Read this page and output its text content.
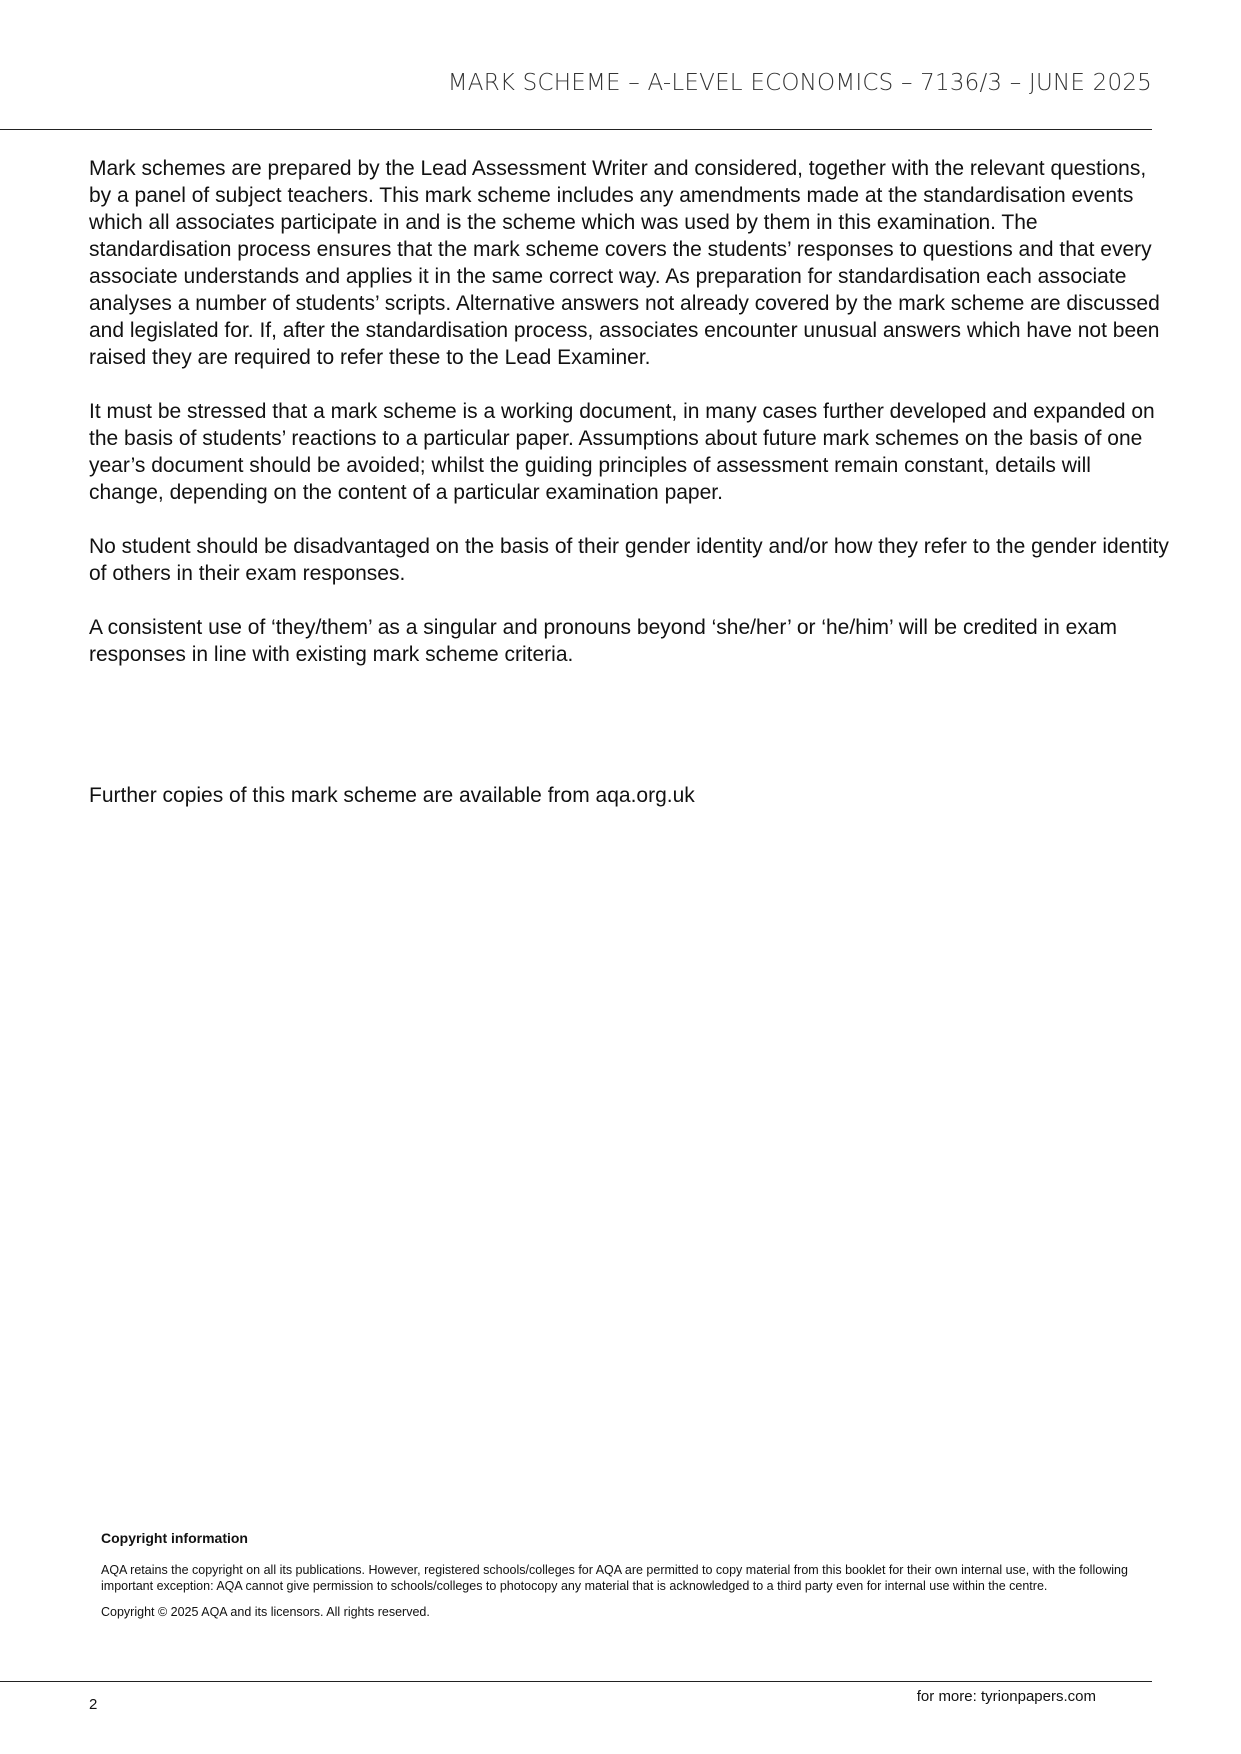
MARK SCHEME – A-LEVEL ECONOMICS – 7136/3 – JUNE 2025

Mark schemes are prepared by the Lead Assessment Writer and considered, together with the relevant questions, by a panel of subject teachers. This mark scheme includes any amendments made at the standardisation events which all associates participate in and is the scheme which was used by them in this examination. The standardisation process ensures that the mark scheme covers the students’ responses to questions and that every associate understands and applies it in the same correct way. As preparation for standardisation each associate analyses a number of students’ scripts. Alternative answers not already covered by the mark scheme are discussed and legislated for. If, after the standardisation process, associates encounter unusual answers which have not been raised they are required to refer these to the Lead Examiner.

It must be stressed that a mark scheme is a working document, in many cases further developed and expanded on the basis of students’ reactions to a particular paper. Assumptions about future mark schemes on the basis of one year’s document should be avoided; whilst the guiding principles of assessment remain constant, details will change, depending on the content of a particular examination paper.

No student should be disadvantaged on the basis of their gender identity and/or how they refer to the gender identity of others in their exam responses.

A consistent use of ‘they/them’ as a singular and pronouns beyond ‘she/her’ or ‘he/him’ will be credited in exam responses in line with existing mark scheme criteria.

Further copies of this mark scheme are available from aqa.org.uk

Copyright information

AQA retains the copyright on all its publications. However, registered schools/colleges for AQA are permitted to copy material from this booklet for their own internal use, with the following important exception: AQA cannot give permission to schools/colleges to photocopy any material that is acknowledged to a third party even for internal use within the centre.

Copyright © 2025 AQA and its licensors. All rights reserved.

2	for more: tyrionpapers.com
